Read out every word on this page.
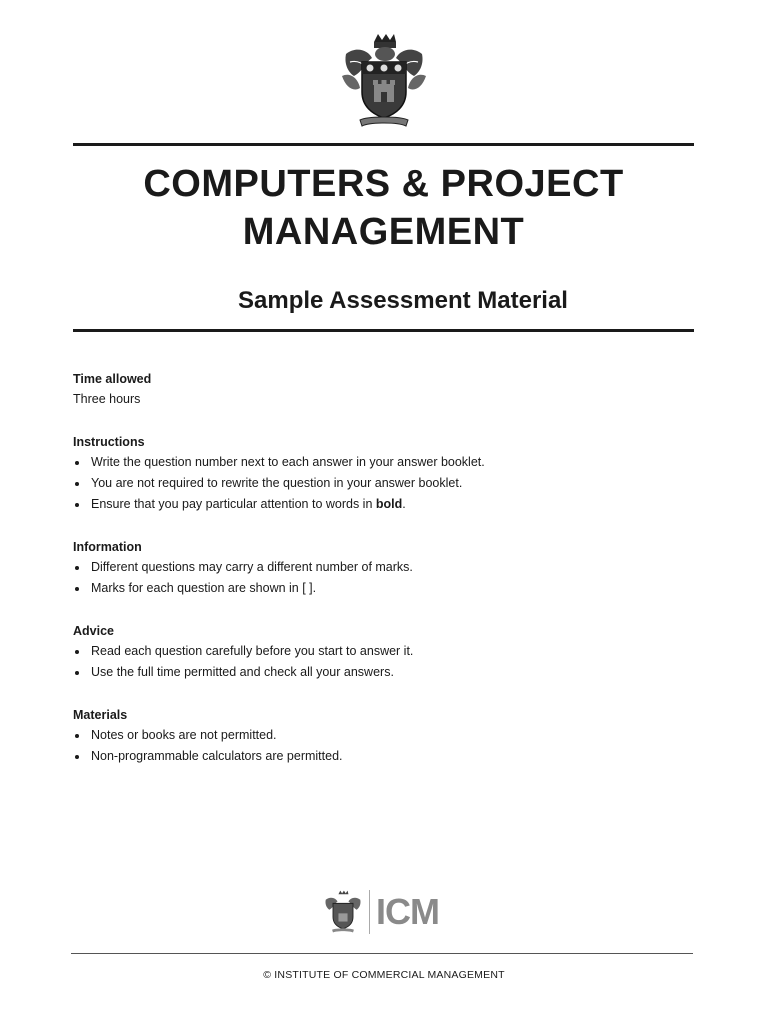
COMPUTERS & PROJECT
MANAGEMENT
Sample Assessment Material
Time allowed

Three hours

Instructions
Write the question number next to each answer in your answer booklet.
You are not required to rewrite the question in your answer booklet.
Ensure that you pay particular attention to words in bold.
Information
Different questions may carry a different number of marks.
Marks for each question are shown in [ ].
Advice
Read each question carefully before you start to answer it.
Use the full time permitted and check all your answers.
Materials
Notes or books are not permitted.
Non-programmable calculators are permitted.
ICM
© INSTITUTE OF COMMERCIAL MANAGEMENT
